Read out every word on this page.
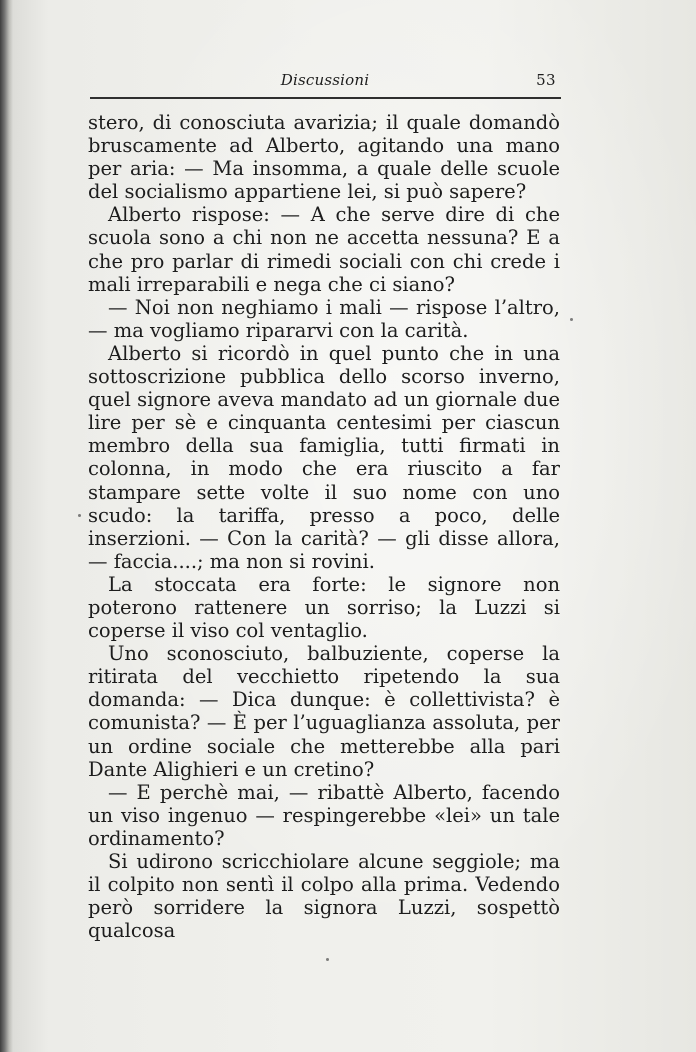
Discussioni	53

stero, di conosciuta avarizia; il quale domandò bruscamente ad Alberto, agitando una mano per aria: — Ma insomma, a quale delle scuole del socialismo appartiene lei, si può sapere?

Alberto rispose: — A che serve dire di che scuola sono a chi non ne accetta nessuna? E a che pro parlar di rimedi sociali con chi crede i mali irreparabili e nega che ci siano?

— Noi non neghiamo i mali — rispose l’altro, — ma vogliamo ripararvi con la carità.

Alberto si ricordò in quel punto che in una sottoscrizione pubblica dello scorso inverno, quel signore aveva mandato ad un giornale due lire per sè e cinquanta centesimi per ciascun membro della sua famiglia, tutti firmati in colonna, in modo che era riuscito a far stampare sette volte il suo nome con uno scudo: la tariffa, presso a poco, delle inserzioni. — Con la carità? — gli disse allora, — faccia....; ma non si rovini.

La stoccata era forte: le signore non poterono rattenere un sorriso; la Luzzi si coperse il viso col ventaglio.

Uno sconosciuto, balbuziente, coperse la ritirata del vecchietto ripetendo la sua domanda: — Dica dunque: è collettivista? è comunista? — È per l’uguaglianza assoluta, per un ordine sociale che metterebbe alla pari Dante Alighieri e un cretino?

— E perchè mai, — ribattè Alberto, facendo un viso ingenuo — respingerebbe «lei» un tale ordinamento?

Si udirono scricchiolare alcune seggiole; ma il colpito non sentì il colpo alla prima. Vedendo però sorridere la signora Luzzi, sospettò qualcosa
